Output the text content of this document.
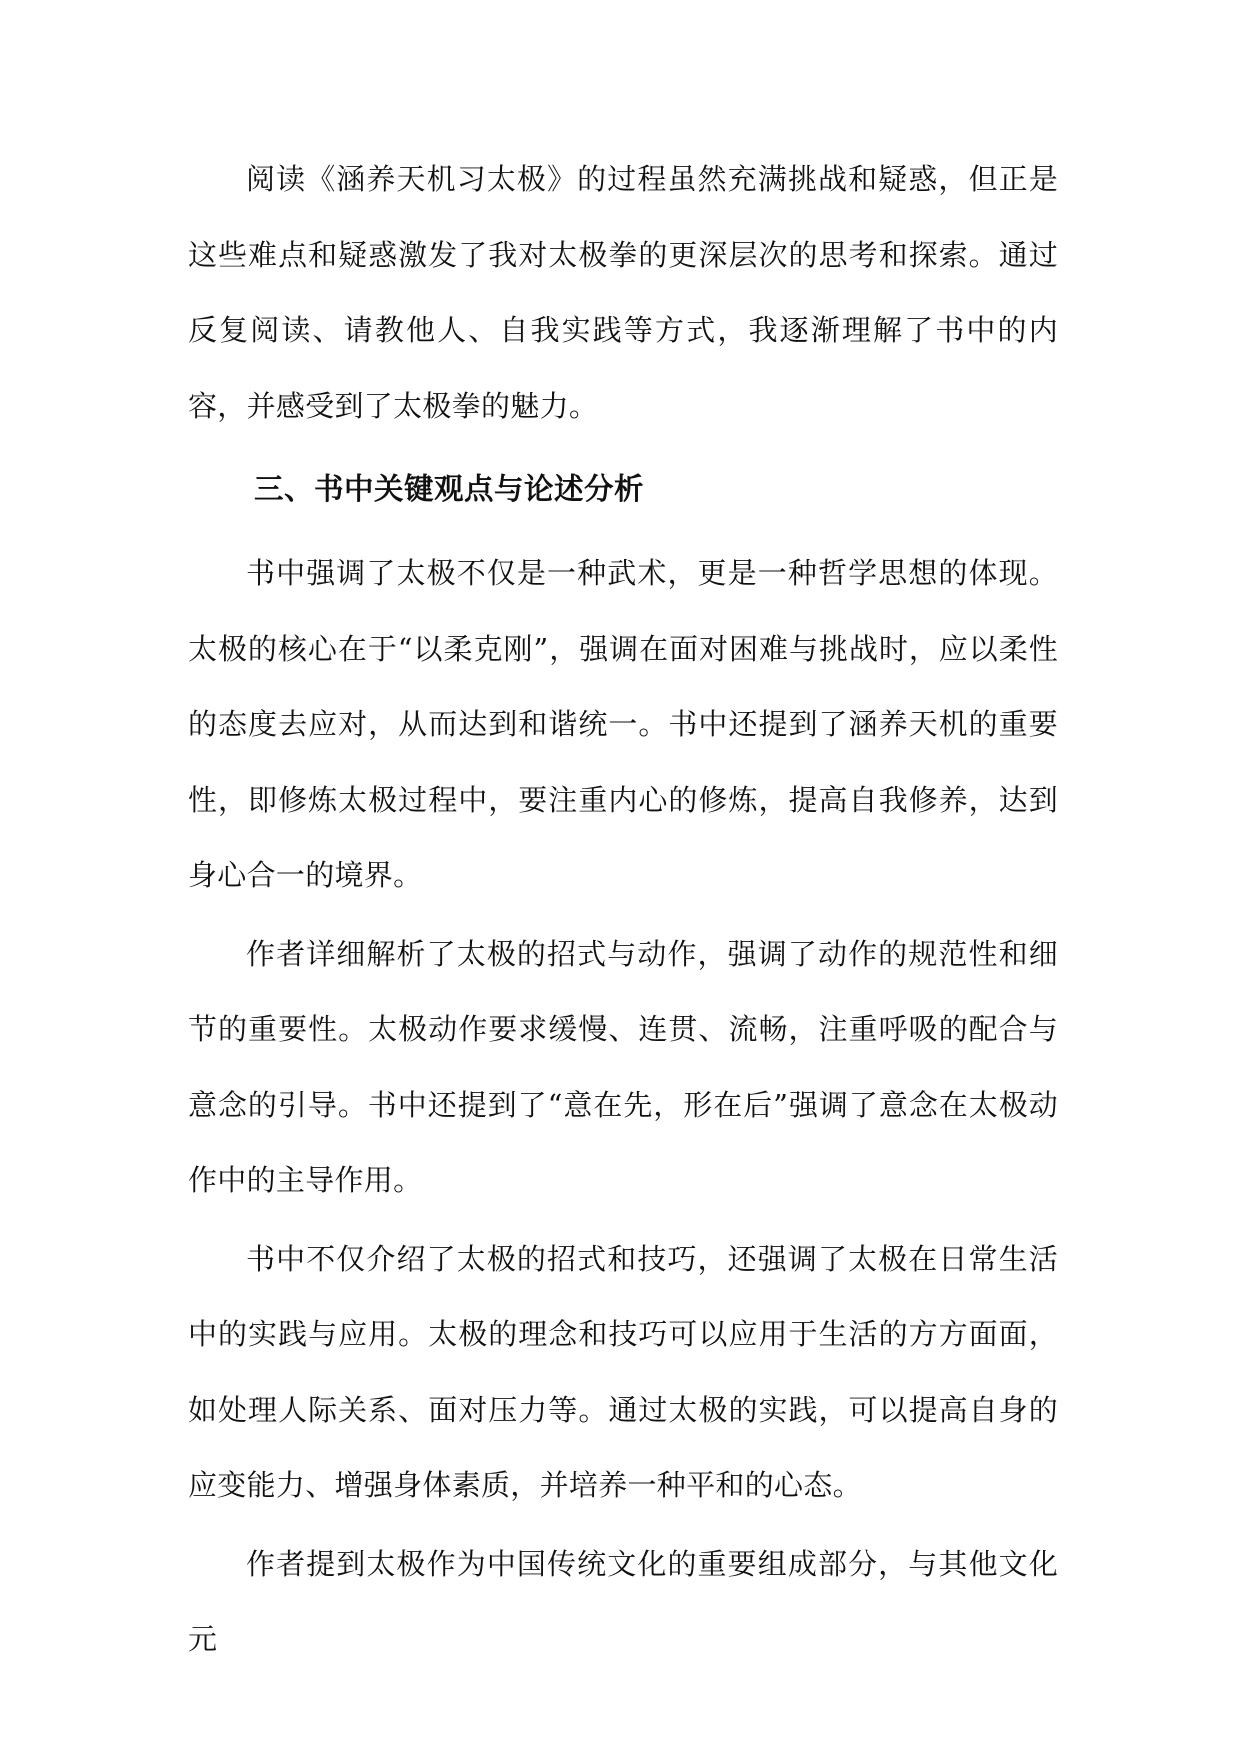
阅读《涵养天机习太极》的过程虽然充满挑战和疑惑，但正是这些难点和疑惑激发了我对太极拳的更深层次的思考和探索。通过反复阅读、请教他人、自我实践等方式，我逐渐理解了书中的内容，并感受到了太极拳的魅力。

三、书中关键观点与论述分析

书中强调了太极不仅是一种武术，更是一种哲学思想的体现。太极的核心在于“以柔克刚”，强调在面对困难与挑战时，应以柔性的态度去应对，从而达到和谐统一。书中还提到了涵养天机的重要性，即修炼太极过程中，要注重内心的修炼，提高自我修养，达到身心合一的境界。

作者详细解析了太极的招式与动作，强调了动作的规范性和细节的重要性。太极动作要求缓慢、连贯、流畅，注重呼吸的配合与意念的引导。书中还提到了“意在先，形在后”强调了意念在太极动作中的主导作用。

书中不仅介绍了太极的招式和技巧，还强调了太极在日常生活中的实践与应用。太极的理念和技巧可以应用于生活的方方面面，如处理人际关系、面对压力等。通过太极的实践，可以提高自身的应变能力、增强身体素质，并培养一种平和的心态。

作者提到太极作为中国传统文化的重要组成部分，与其他文化元
